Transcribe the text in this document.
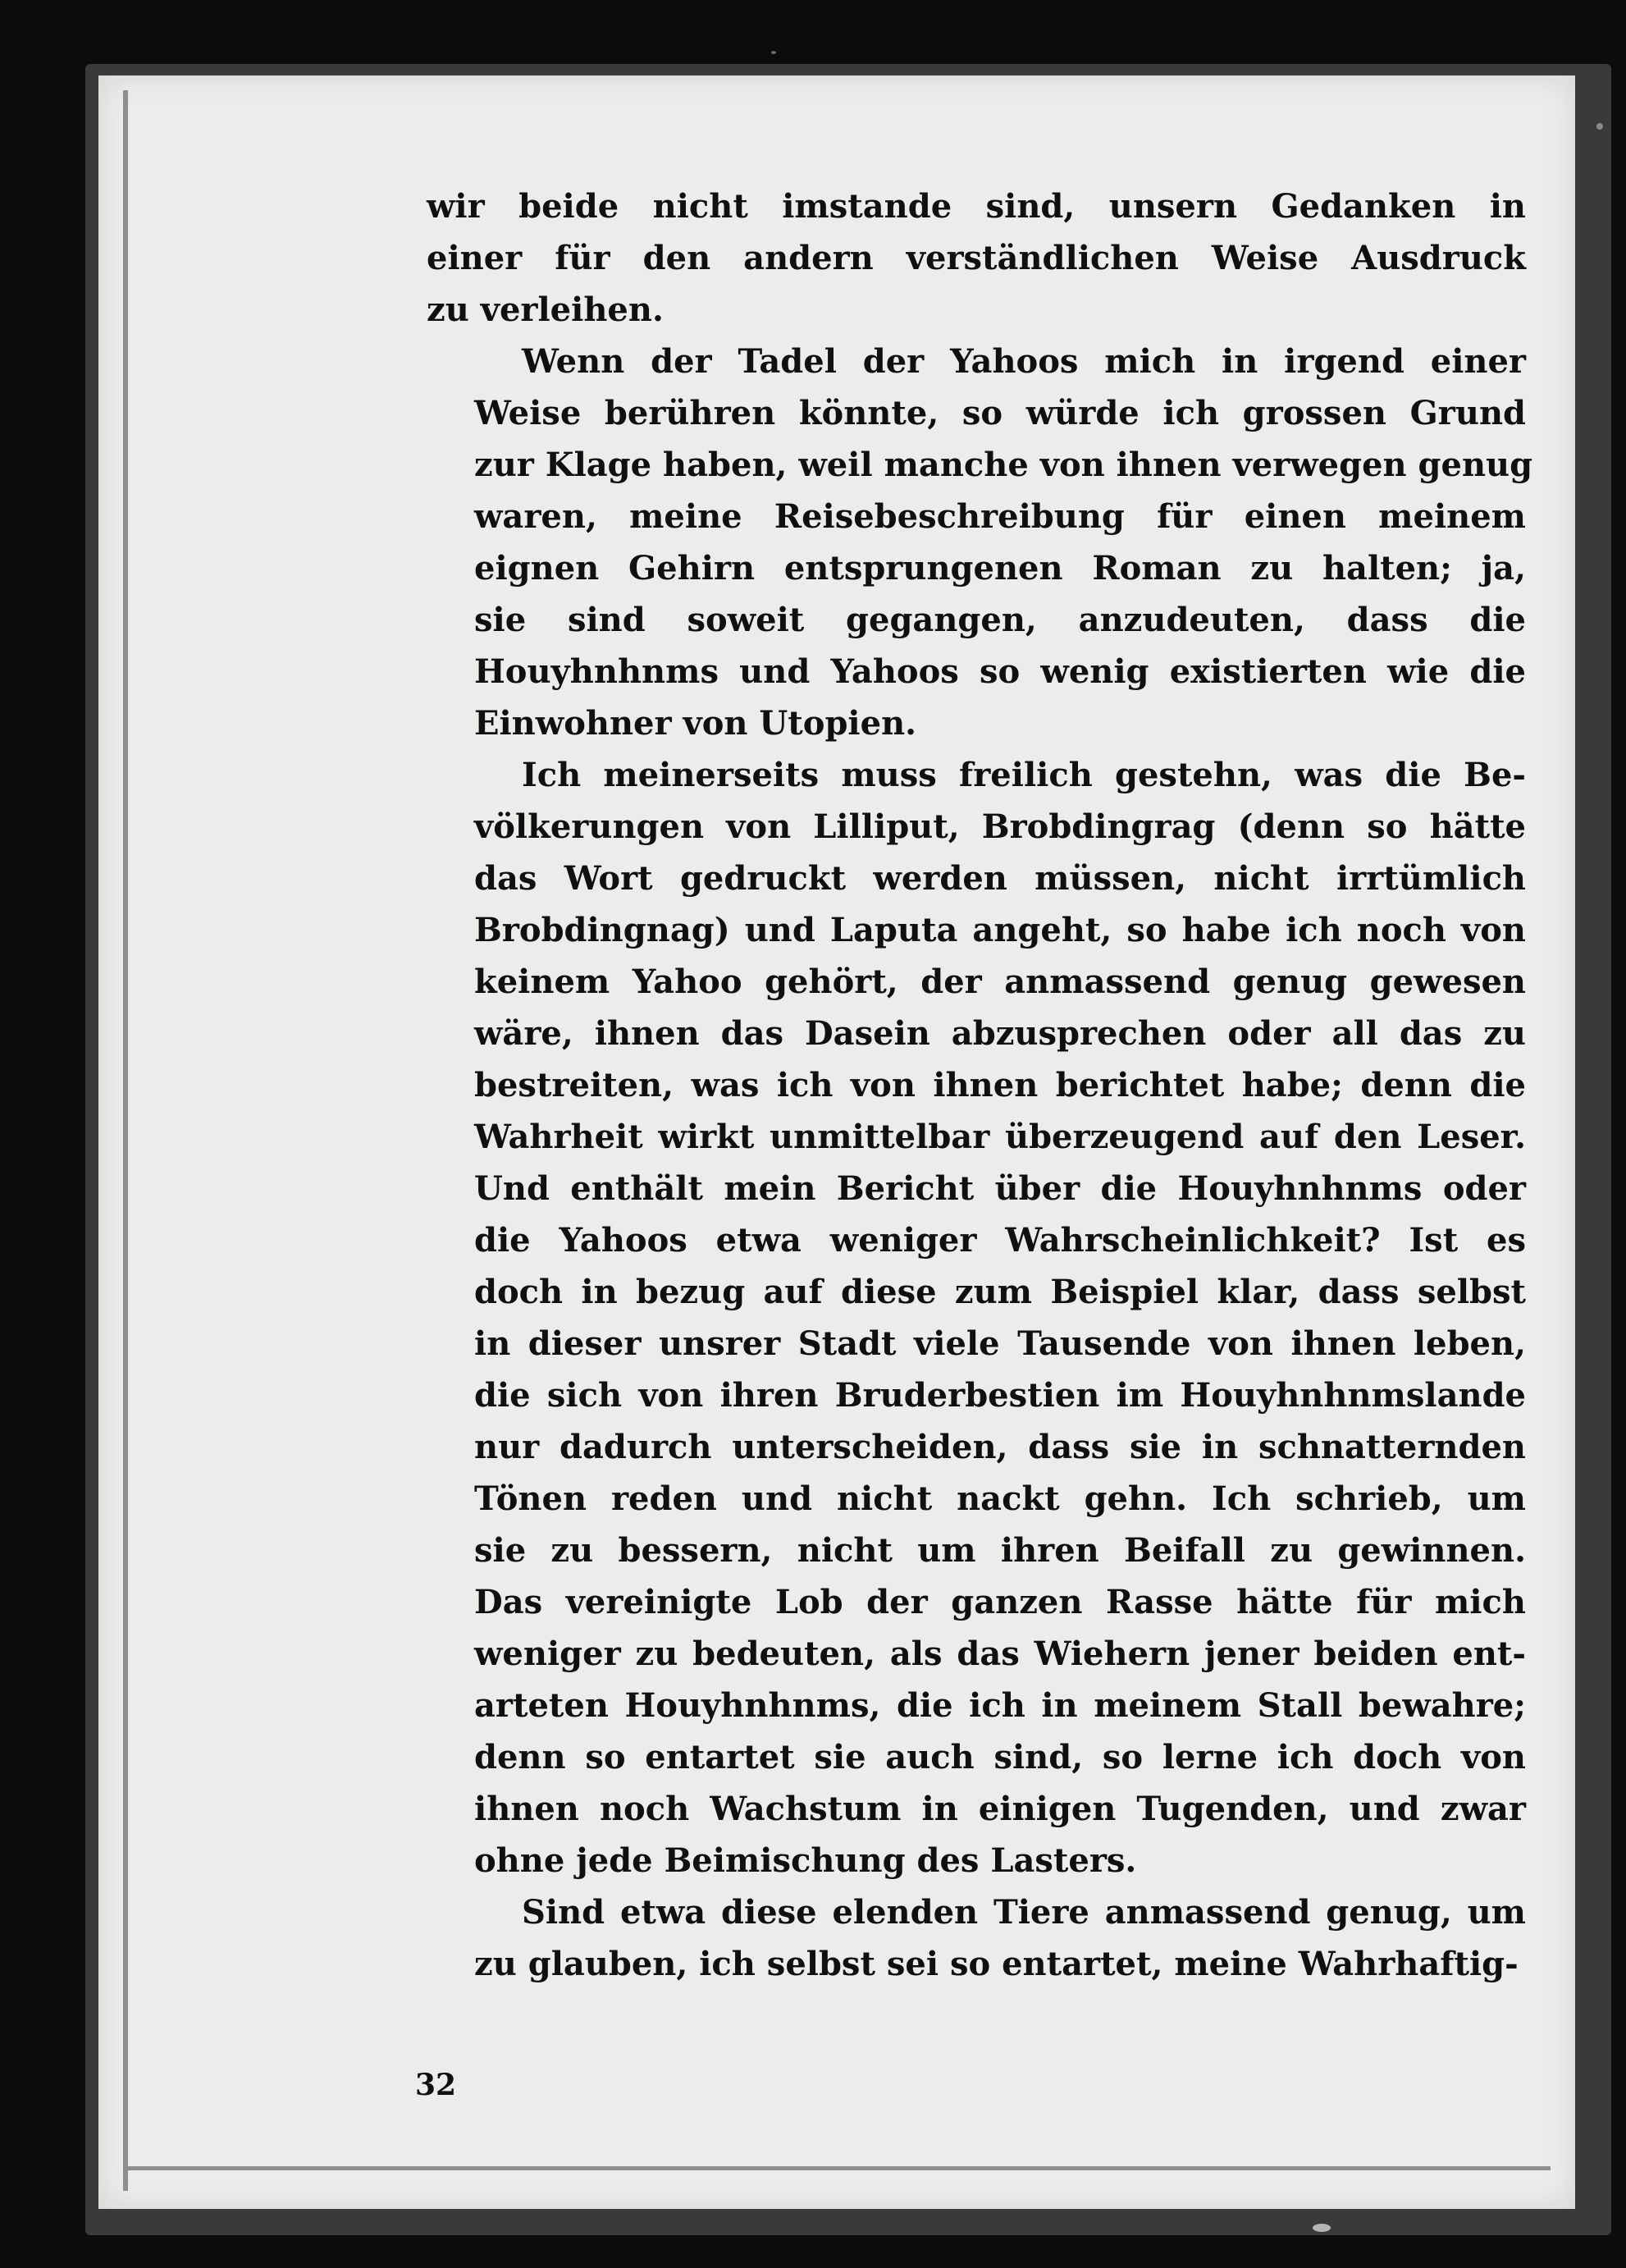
wir beide nicht imstande sind, unsern Gedanken in
einer für den andern verständlichen Weise Ausdruck
zu verleihen.
Wenn der Tadel der Yahoos mich in irgend einer
Weise berühren könnte, so würde ich grossen Grund
zur Klage haben, weil manche von ihnen verwegen genug
waren, meine Reisebeschreibung für einen meinem
eignen Gehirn entsprungenen Roman zu halten; ja,
sie sind soweit gegangen, anzudeuten, dass die
Houyhnhnms und Yahoos so wenig existierten wie die
Einwohner von Utopien.
Ich meinerseits muss freilich gestehn, was die Be-
völkerungen von Lilliput, Brobdingrag (denn so hätte
das Wort gedruckt werden müssen, nicht irrtümlich
Brobdingnag) und Laputa angeht, so habe ich noch von
keinem Yahoo gehört, der anmassend genug gewesen
wäre, ihnen das Dasein abzusprechen oder all das zu
bestreiten, was ich von ihnen berichtet habe; denn die
Wahrheit wirkt unmittelbar überzeugend auf den Leser.
Und enthält mein Bericht über die Houyhnhnms oder
die Yahoos etwa weniger Wahrscheinlichkeit? Ist es
doch in bezug auf diese zum Beispiel klar, dass selbst
in dieser unsrer Stadt viele Tausende von ihnen leben,
die sich von ihren Bruderbestien im Houyhnhnmslande
nur dadurch unterscheiden, dass sie in schnatternden
Tönen reden und nicht nackt gehn. Ich schrieb, um
sie zu bessern, nicht um ihren Beifall zu gewinnen.
Das vereinigte Lob der ganzen Rasse hätte für mich
weniger zu bedeuten, als das Wiehern jener beiden ent-
arteten Houyhnhnms, die ich in meinem Stall bewahre;
denn so entartet sie auch sind, so lerne ich doch von
ihnen noch Wachstum in einigen Tugenden, und zwar
ohne jede Beimischung des Lasters.
Sind etwa diese elenden Tiere anmassend genug, um
zu glauben, ich selbst sei so entartet, meine Wahrhaftig-
32
